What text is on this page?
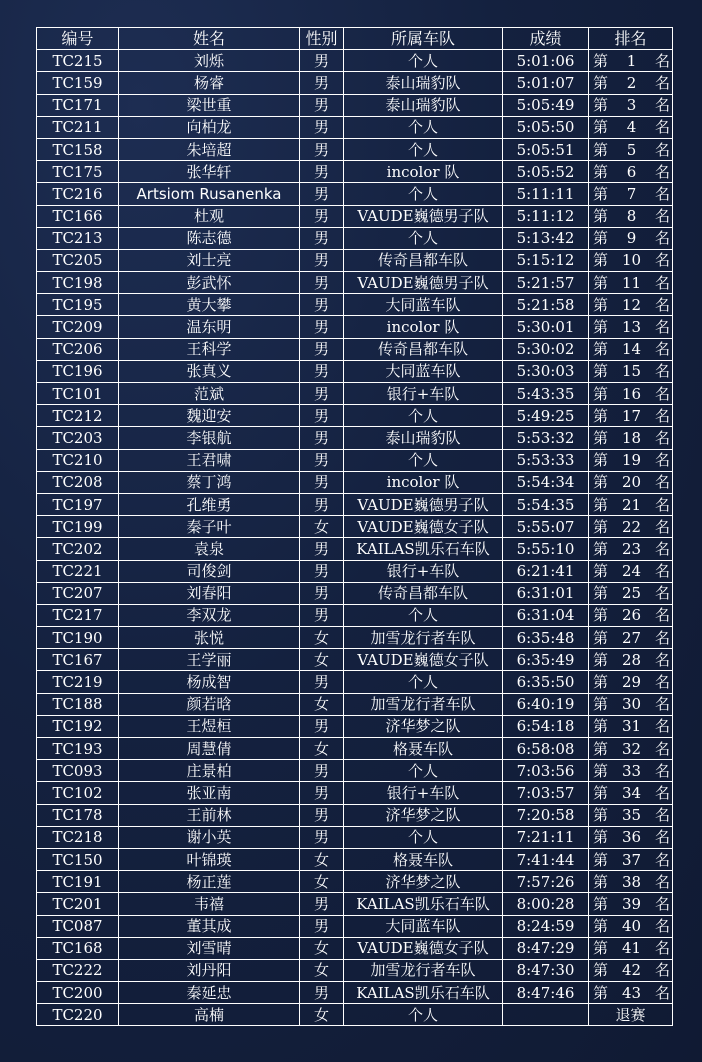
编号	姓名	性别	所属车队	成绩	排名
TC215	刘烁	男	个人	5:01:06	第 1 名

TC159	杨睿	男	泰山瑞豹队	5:01:07	第 2 名

TC171	梁世重	男	泰山瑞豹队	5:05:49	第 3 名

TC211	向柏龙	男	个人	5:05:50	第 4 名

TC158	朱培超	男	个人	5:05:51	第 5 名

TC175	张华轩	男	incolor 队	5:05:52	第 6 名

TC216	Artsiom Rusanenka	男	个人	5:11:11	第 7 名

TC166	杜观	男	VAUDE巍德男子队	5:11:12	第 8 名

TC213	陈志德	男	个人	5:13:42	第 9 名

TC205	刘士亮	男	传奇昌都车队	5:15:12	第 10 名

TC198	彭武怀	男	VAUDE巍德男子队	5:21:57	第 11 名

TC195	黄大攀	男	大同蓝车队	5:21:58	第 12 名

TC209	温东明	男	incolor 队	5:30:01	第 13 名

TC206	王科学	男	传奇昌都车队	5:30:02	第 14 名

TC196	张真义	男	大同蓝车队	5:30:03	第 15 名

TC101	范斌	男	银行+车队	5:43:35	第 16 名

TC212	魏迎安	男	个人	5:49:25	第 17 名

TC203	李银航	男	泰山瑞豹队	5:53:32	第 18 名

TC210	王君啸	男	个人	5:53:33	第 19 名

TC208	蔡丁鸿	男	incolor 队	5:54:34	第 20 名

TC197	孔维勇	男	VAUDE巍德男子队	5:54:35	第 21 名

TC199	秦子叶	女	VAUDE巍德女子队	5:55:07	第 22 名

TC202	袁泉	男	KAILAS凯乐石车队	5:55:10	第 23 名

TC221	司俊剑	男	银行+车队	6:21:41	第 24 名

TC207	刘春阳	男	传奇昌都车队	6:31:01	第 25 名

TC217	李双龙	男	个人	6:31:04	第 26 名

TC190	张悦	女	加雪龙行者车队	6:35:48	第 27 名

TC167	王学丽	女	VAUDE巍德女子队	6:35:49	第 28 名

TC219	杨成智	男	个人	6:35:50	第 29 名

TC188	颜若晗	女	加雪龙行者车队	6:40:19	第 30 名

TC192	王煜桓	男	济华梦之队	6:54:18	第 31 名

TC193	周慧倩	女	格聂车队	6:58:08	第 32 名

TC093	庄景柏	男	个人	7:03:56	第 33 名

TC102	张亚南	男	银行+车队	7:03:57	第 34 名

TC178	王前林	男	济华梦之队	7:20:58	第 35 名

TC218	谢小英	男	个人	7:21:11	第 36 名

TC150	叶锦瑛	女	格聂车队	7:41:44	第 37 名

TC191	杨正莲	女	济华梦之队	7:57:26	第 38 名

TC201	韦禧	男	KAILAS凯乐石车队	8:00:28	第 39 名

TC087	董其成	男	大同蓝车队	8:24:59	第 40 名

TC168	刘雪晴	女	VAUDE巍德女子队	8:47:29	第 41 名

TC222	刘丹阳	女	加雪龙行者车队	8:47:30	第 42 名

TC200	秦延忠	男	KAILAS凯乐石车队	8:47:46	第 43 名

TC220	高楠	女	个人		退赛
